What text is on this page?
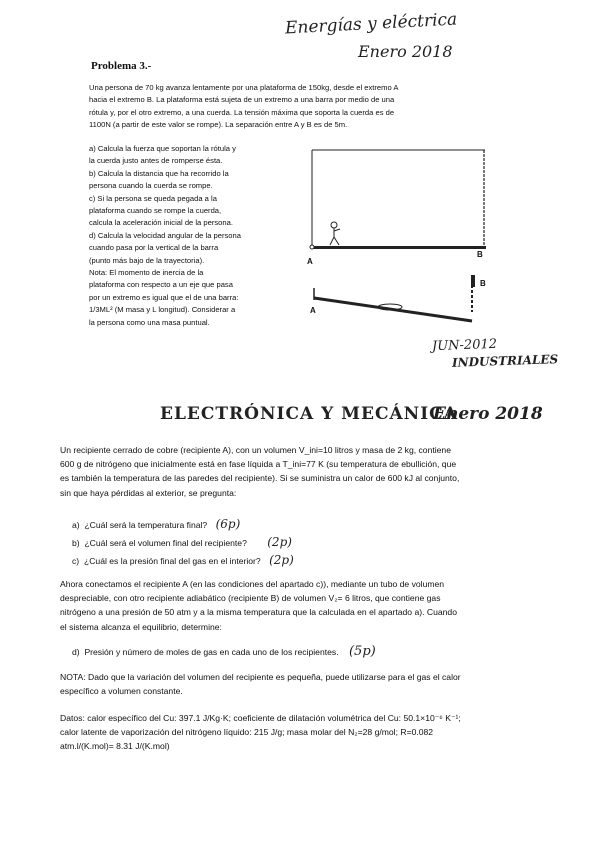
Energías y eléctrica
Enero 2018
Problema 3.-
Una persona de 70 kg avanza lentamente por una plataforma de 150kg, desde el extremo A
hacia el extremo B. La plataforma está sujeta de un extremo a una barra por medio de una
rótula y, por el otro extremo, a una cuerda. La tensión máxima que soporta la cuerda es de
1100N (a partir de este valor se rompe). La separación entre A y B es de 5m.
a) Calcula la fuerza que soportan la rótula y
la cuerda justo antes de romperse ésta.
b) Calcula la distancia que ha recorrido la
persona cuando la cuerda se rompe.
c) Si la persona se queda pegada a la
plataforma cuando se rompe la cuerda,
calcula la aceleración inicial de la persona.
d) Calcula la velocidad angular de la persona
cuando pasa por la vertical de la barra
(punto más bajo de la trayectoria).
Nota: El momento de inercia de la
plataforma con respecto a un eje que pasa
por un extremo es igual que el de una barra:
1/3ML² (M masa y L longitud). Considerar a
la persona como una masa puntual.
A
B
A
B
JUN-2012
INDUSTRIALES
ELECTRÓNICA Y MECÁNICA
Enero 2018
Un recipiente cerrado de cobre (recipiente A), con un volumen V_ini=10 litros y masa de 2 kg, contiene
600 g de nitrógeno que inicialmente está en fase líquida a T_ini=77 K (su temperatura de ebullición, que
es también la temperatura de las paredes del recipiente). Si se suministra un calor de 600 kJ al conjunto,
sin que haya pérdidas al exterior, se pregunta:
a) ¿Cuál será la temperatura final? (6p)
b) ¿Cuál será el volumen final del recipiente? (2p)
c) ¿Cuál es la presión final del gas en el interior? (2p)
Ahora conectamos el recipiente A (en las condiciones del apartado c)), mediante un tubo de volumen
despreciable, con otro recipiente adiabático (recipiente B) de volumen V₂= 6 litros, que contiene gas
nitrógeno a una presión de 50 atm y a la misma temperatura que la calculada en el apartado a). Cuando
el sistema alcanza el equilibrio, determine:
d) Presión y número de moles de gas en cada uno de los recipientes. (5p)
NOTA: Dado que la variación del volumen del recipiente es pequeña, puede utilizarse para el gas el calor
específico a volumen constante.
Datos: calor específico del Cu: 397.1 J/Kg·K; coeficiente de dilatación volumétrica del Cu: 50.1×10⁻⁶ K⁻¹;
calor latente de vaporización del nitrógeno líquido: 215 J/g; masa molar del N₂=28 g/mol; R=0.082
atm.l/(K.mol)= 8.31 J/(K.mol)
